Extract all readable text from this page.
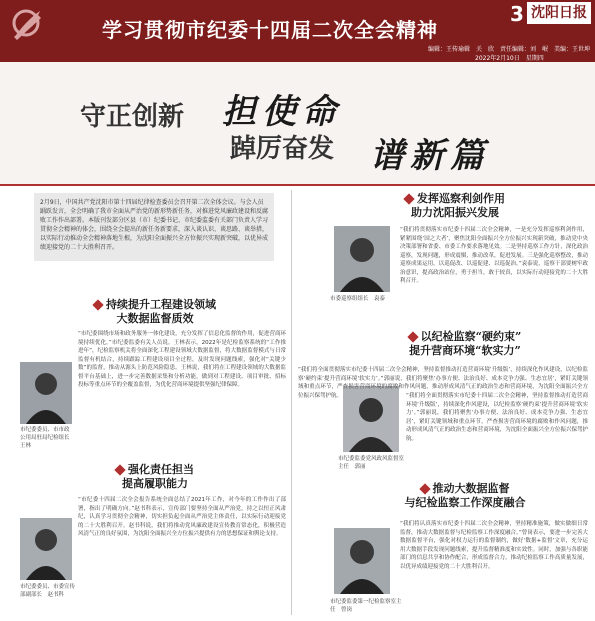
学习贯彻市纪委十四届二次全会精神
3 沈阳日报
编辑：王传瑜辑　关　欣　责任编辑：刘　岷　美编：王世坤
2022年2月10日　星期四
守正创新 担使命
踔厉奋发 谱新篇
2月9日，中国共产党沈阳市第十四届纪律检查委员会召开第二次全体会议。与会人员踊跃发言，全会明确了我市全面从严治党的新形势新任务，对推进党风廉政建设和反腐败工作作出部署。本版刊发部分区县（市）纪委书记、市纪委监委有关部门负责人学习贯彻全会精神的体会，围绕全会提出的新任务新要求，深入谈认识、谈思路、谈举措，以实际行动推动全会精神落地生根，为沈阳全面振兴全方位振兴实现新突破，以优异成绩迎接党的二十大胜利召开。
持续提升工程建设领域
大数据监督质效
市纪委委员、市市政公用局驻局纪检组长　王林
“市纪委围绕市场和政务服务一体化建设，充分发挥了信息化监督的作用，促进营商环境持续优化。”市纪委监委有关人员说。王林表示，2022年是纪检监察系统的“工作推进年”，纪检监察机关将全面深化工程建设领域大数据监督，将大数据监督模式与日常监督有机结合，持续跟踪工程建设项目全过程，及时发现问题线索，强化对“关键少数”的监督，推动从源头上防范风险隐患。王林说，我们将在工程建设领域的大数据监督平台基础上，进一步完善数据采集和分析功能，做到对工程建设、项目审批、招标投标等重点环节的全覆盖监督，为优化营商环境提供坚强纪律保障。
强化责任担当
提高履职能力
市纪委委员、市委宣传部副部长　赵书科
“市纪委十四届二次全会报告系统全面总结了2021年工作，对今年的工作作出了部署，指出了明确方向。”赵书科表示，宣传部门要坚持全面从严治党，持之以恒正风肃纪，认真学习贯彻全会精神，切实担负起全面从严治党主体责任，以实际行动迎接党的二十大胜利召开。赵书科说，我们将推动党风廉政建设宣传教育常态化，积极营造风清气正的良好氛围，为沈阳全面振兴全方位振兴提供有力的思想保证和舆论支持。
发挥巡察利剑作用
助力沈阳振兴发展
市委巡察组组长　袁泰
“我们将贯彻落实市纪委十四届二次全会精神，一是充分发挥巡察利剑作用，紧紧围绕‘国之大者’，聚焦沈阳全面振兴全方位振兴实现新突破，推动党中央决策部署和省委、市委工作要求落地见效。二是坚持巡察工作方针，深化政治巡察，发现问题，形成震慑，推动改革，促进发展。三是强化巡察整改，推动巡察成果运用，以巡促改、以巡促建、以巡促治。”袁泰说，巡察干部要树牢政治意识，提高政治站位，勇于担当，敢于较真，以实际行动迎接党的二十大胜利召开。
以纪检监察“硬约束”
提升营商环境“软实力”
市纪委监委党风政风监督室主任　郭丽
“我们将全面贯彻落实市纪委十四届二次全会精神，坚持监督推动打造营商环境‘升级版’，持续深化作风建设，以纪检监察‘硬约束’提升营商环境‘软实力’。”郭丽说，我们将聚焦‘办事方便、法治良好、成本竞争力强、生态宜居’，紧盯关键领域和重点环节，严查损害营商环境的腐败和作风问题，推动形成风清气正的政治生态和营商环境，为沈阳全面振兴全方位振兴保驾护航。	“我们将全面贯彻落实市纪委十四届二次全会精神，坚持监督推动打造营商环境‘升级版’，持续深化作风建设，以纪检监察‘硬约束’提升营商环境‘软实力’。”郭丽说，我们将聚焦‘办事方便、法治良好、成本竞争力强、生态宜居’，紧盯关键领域和重点环节，严查损害营商环境的腐败和作风问题，推动形成风清气正的政治生态和营商环境，为沈阳全面振兴全方位振兴保驾护航。
推动大数据监督
与纪检监察工作深度融合
市纪委监委第一纪检监察室主任　曾岗
“我们将认真落实市纪委十四届二次全会精神，坚持精准施策，做实做细日常监督，推动大数据监督与纪检监察工作深度融合。”曾岗表示，要进一步完善大数据监督平台，强化对权力运行的监督制约，做好‘数据+监督’文章，充分运用大数据手段发现问题线索，提升监督精准度和实效性。同时，加强与各职能部门的信息共享和协作配合，形成监督合力，推动纪检监察工作高质量发展，以优异成绩迎接党的二十大胜利召开。
